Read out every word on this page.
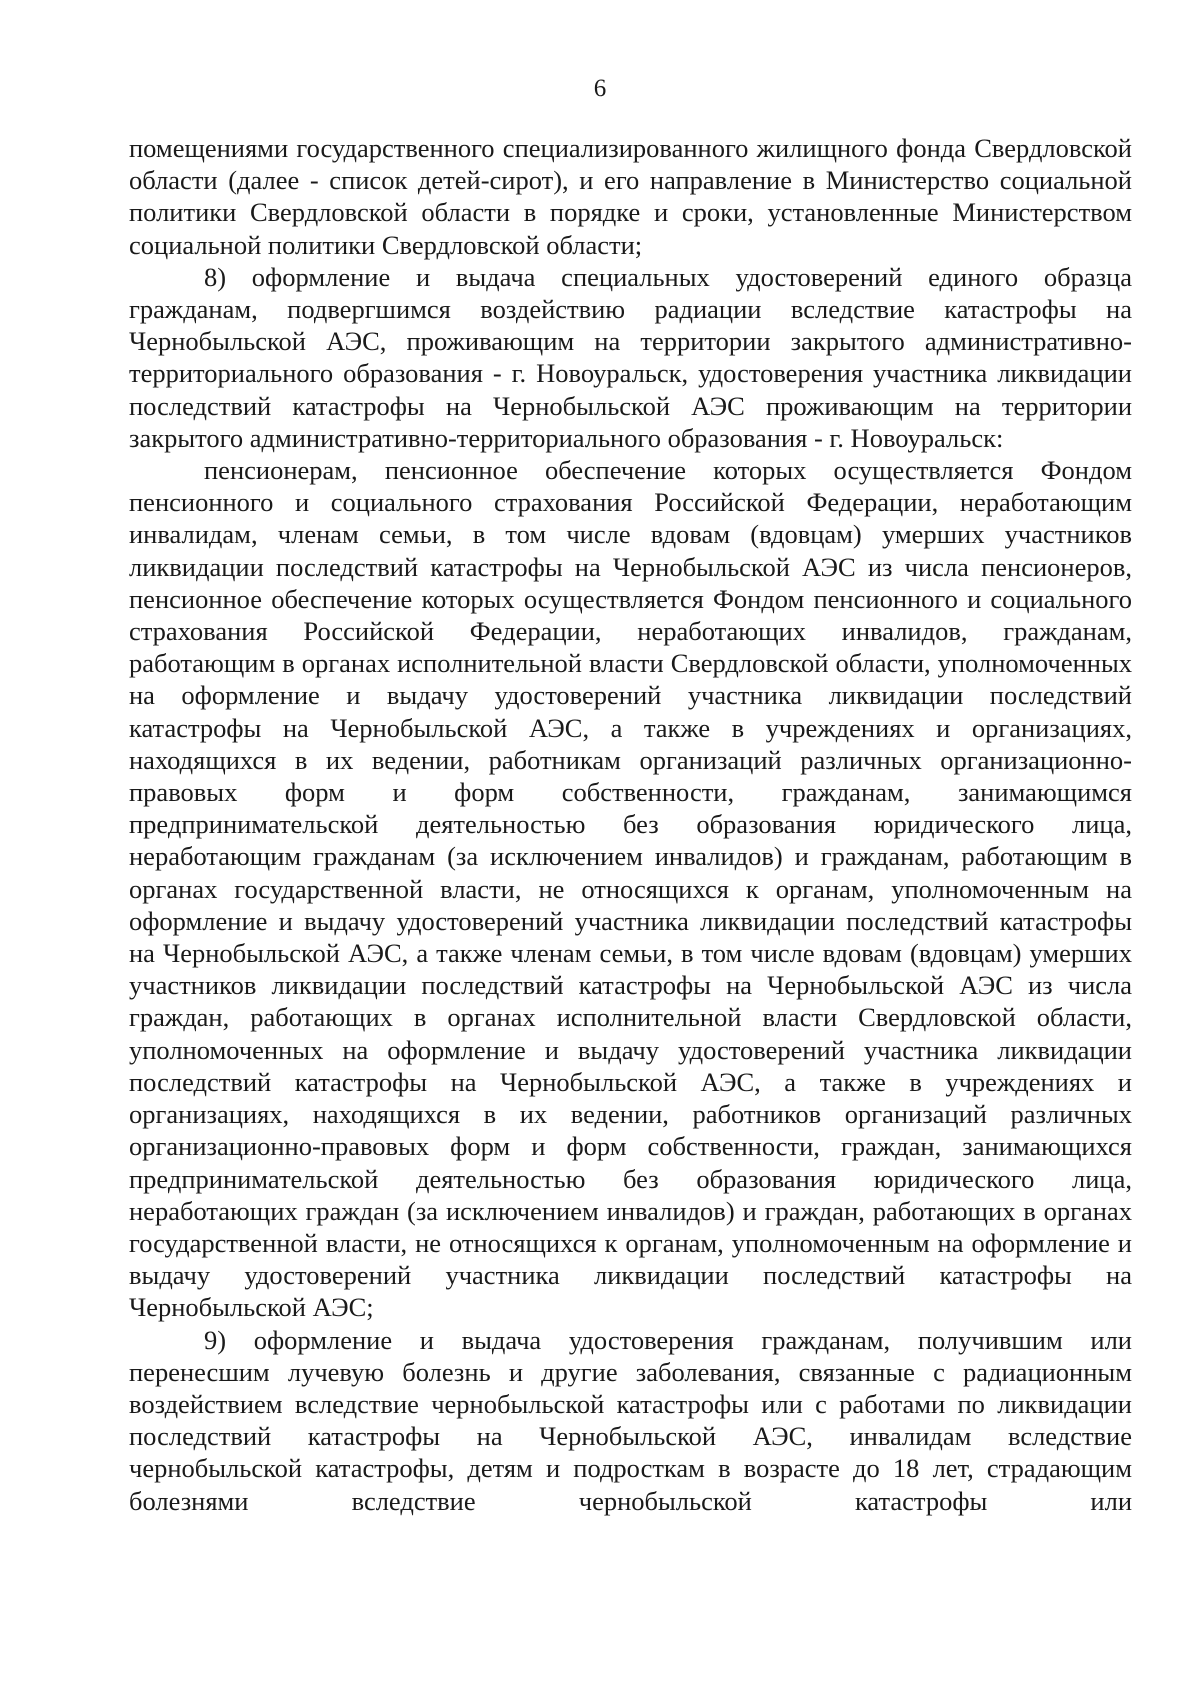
6

помещениями государственного специализированного жилищного фонда Свердловской области (далее - список детей-сирот), и его направление в Министерство социальной политики Свердловской области в порядке и сроки, установленные Министерством социальной политики Свердловской области;

8) оформление и выдача специальных удостоверений единого образца гражданам, подвергшимся воздействию радиации вследствие катастрофы на Чернобыльской АЭС, проживающим на территории закрытого административно-территориального образования - г. Новоуральск, удостоверения участника ликвидации последствий катастрофы на Чернобыльской АЭС проживающим на территории закрытого административно-территориального образования - г. Новоуральск:

пенсионерам, пенсионное обеспечение которых осуществляется Фондом пенсионного и социального страхования Российской Федерации, неработающим инвалидам, членам семьи, в том числе вдовам (вдовцам) умерших участников ликвидации последствий катастрофы на Чернобыльской АЭС из числа пенсионеров, пенсионное обеспечение которых осуществляется Фондом пенсионного и социального страхования Российской Федерации, неработающих инвалидов, гражданам, работающим в органах исполнительной власти Свердловской области, уполномоченных на оформление и выдачу удостоверений участника ликвидации последствий катастрофы на Чернобыльской АЭС, а также в учреждениях и организациях, находящихся в их ведении, работникам организаций различных организационно-правовых форм и форм собственности, гражданам, занимающимся предпринимательской деятельностью без образования юридического лица, неработающим гражданам (за исключением инвалидов) и гражданам, работающим в органах государственной власти, не относящихся к органам, уполномоченным на оформление и выдачу удостоверений участника ликвидации последствий катастрофы на Чернобыльской АЭС, а также членам семьи, в том числе вдовам (вдовцам) умерших участников ликвидации последствий катастрофы на Чернобыльской АЭС из числа граждан, работающих в органах исполнительной власти Свердловской области, уполномоченных на оформление и выдачу удостоверений участника ликвидации последствий катастрофы на Чернобыльской АЭС, а также в учреждениях и организациях, находящихся в их ведении, работников организаций различных организационно-правовых форм и форм собственности, граждан, занимающихся предпринимательской деятельностью без образования юридического лица, неработающих граждан (за исключением инвалидов) и граждан, работающих в органах государственной власти, не относящихся к органам, уполномоченным на оформление и выдачу удостоверений участника ликвидации последствий катастрофы на Чернобыльской АЭС;

9) оформление и выдача удостоверения гражданам, получившим или перенесшим лучевую болезнь и другие заболевания, связанные с радиационным воздействием вследствие чернобыльской катастрофы или с работами по ликвидации последствий катастрофы на Чернобыльской АЭС, инвалидам вследствие чернобыльской катастрофы, детям и подросткам в возрасте до 18 лет, страдающим болезнями вследствие чернобыльской катастрофы или
